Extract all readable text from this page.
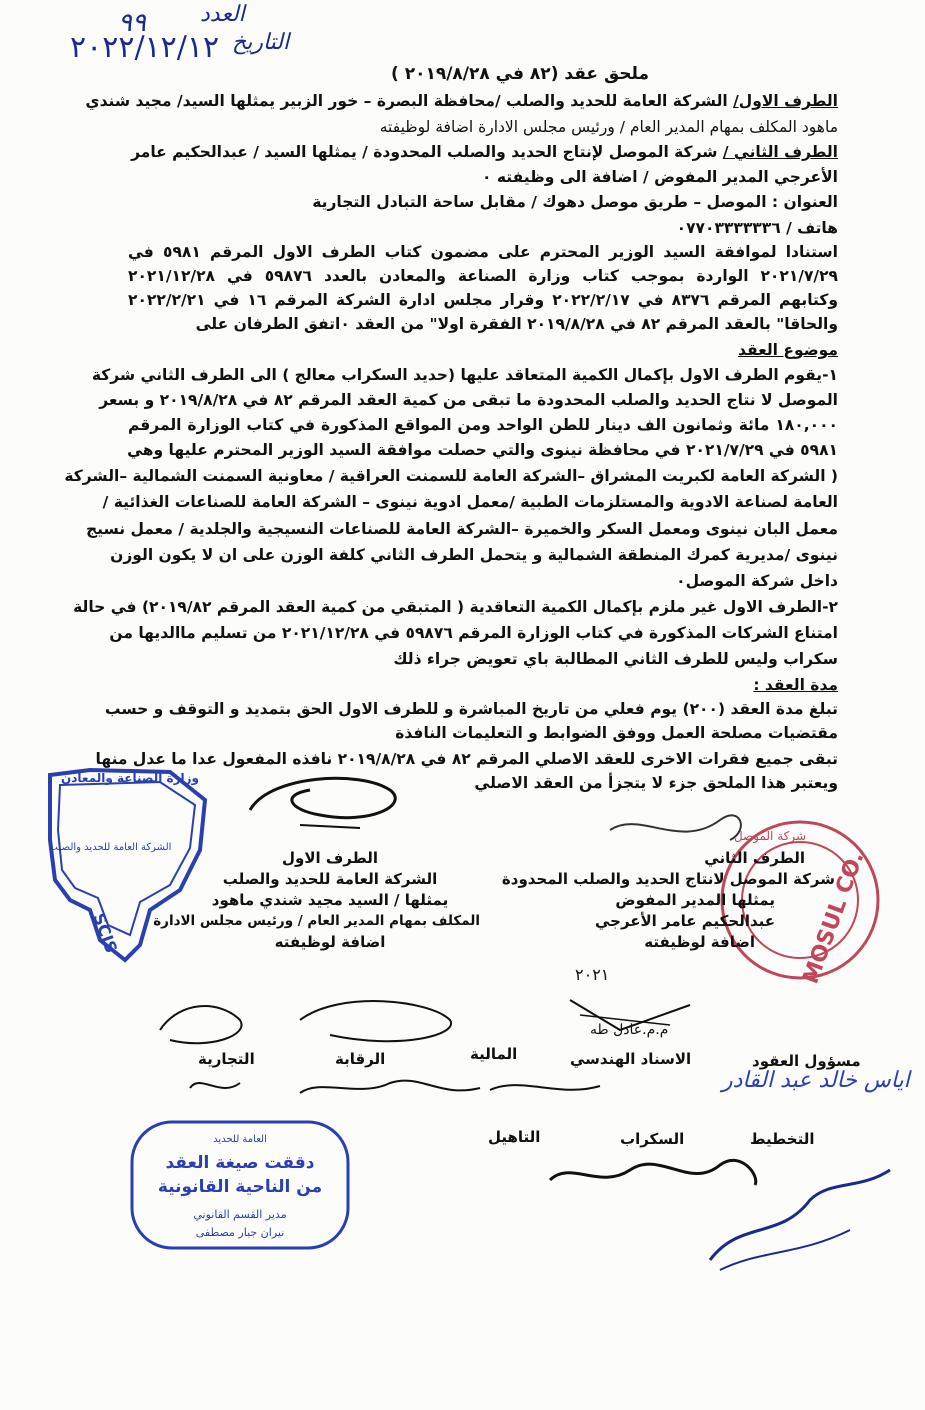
العدد
٩٩
التاريخ
٢٠٢٢/١٢/١٢
ملحق عقد (٨٢ في ٢٠١٩/٨/٢٨ )
الطرف الاول/ الشركة العامة للحديد والصلب /محافظة البصرة – خور الزبير يمثلها السيد/ مجيد شندي
ماهود المكلف بمهام المدير العام / ورئيس مجلس الادارة اضافة لوظيفته
الطرف الثاني / شركة الموصل لإنتاج الحديد والصلب المحدودة / يمثلها السيد / عبدالحكيم عامر
الأعرجي المدير المفوض / اضافة الى وظيفته ٠
العنوان : الموصل – طريق موصل دهوك / مقابل ساحة التبادل التجارية
هاتف / ٠٧٧٠٣٣٣٣٣٣٦
استنادا لموافقة السيد الوزير المحترم على مضمون كتاب الطرف الاول المرقم ٥٩٨١ في
٢٠٢١/٧/٢٩ الواردة بموجب كتاب وزارة الصناعة والمعادن بالعدد ٥٩٨٧٦ في ٢٠٢١/١٢/٢٨
وكتابهم المرقم ٨٣٧٦ في ٢٠٢٢/٢/١٧ وقرار مجلس ادارة الشركة المرقم ١٦ في ٢٠٢٢/٢/٢١
والحاقا" بالعقد المرقم ٨٢ في ٢٠١٩/٨/٢٨ الفقرة اولا" من العقد ٠اتفق الطرفان على
موضوع العقد
١-يقوم الطرف الاول بإكمال الكمية المتعاقد عليها (حديد السكراب معالج ) الى الطرف الثاني شركة
الموصل لا نتاج الحديد والصلب المحدودة ما تبقى من كمية العقد المرقم ٨٢ في ٢٠١٩/٨/٢٨ و بسعر
١٨٠,٠٠٠ مائة وثمانون الف دينار للطن الواحد ومن المواقع المذكورة في كتاب الوزارة المرقم
٥٩٨١ في ٢٠٢١/٧/٢٩ في محافظة نينوى والتي حصلت موافقة السيد الوزير المحترم عليها وهي
( الشركة العامة لكبريت المشراق –الشركة العامة للسمنت العراقية / معاونية السمنت الشمالية –الشركة
العامة لصناعة الادوية والمستلزمات الطبية /معمل ادوية نينوى – الشركة العامة للصناعات الغذائية /
معمل البان نينوى ومعمل السكر والخميرة –الشركة العامة للصناعات النسيجية والجلدية / معمل نسيج
نينوى /مديرية كمرك المنطقة الشمالية و يتحمل الطرف الثاني كلفة الوزن على ان لا يكون الوزن
داخل شركة الموصل٠
٢-الطرف الاول غير ملزم بإكمال الكمية التعاقدية ( المتبقي من كمية العقد المرقم ٢٠١٩/٨٢) في حالة
امتناع الشركات المذكورة في كتاب الوزارة المرقم ٥٩٨٧٦ في ٢٠٢١/١٢/٢٨ من تسليم ماالديها من
سكراب وليس للطرف الثاني المطالبة باي تعويض جراء ذلك
مدة العقد :
تبلغ مدة العقد (٢٠٠) يوم فعلي من تاريخ المباشرة و للطرف الاول الحق بتمديد و التوقف و حسب
مقتضيات مصلحة العمل ووفق الضوابط و التعليمات النافذة
تبقى جميع فقرات الاخرى للعقد الاصلي المرقم ٨٢ في ٢٠١٩/٨/٢٨ نافذه المفعول عدا ما عدل منها
ويعتبر هذا الملحق جزء لا يتجزأ من العقد الاصلي
وزارة الصناعة والمعادن
الشركة العامة للحديد والصلب
SCIS	MOSUL CO.
شركة الموصل
الطرف الاول
الشركة العامة للحديد والصلب
يمثلها / السيد مجيد شندي ماهود
المكلف بمهام المدير العام / ورئيس مجلس الادارة
اضافة لوظيفته
الطرف الثاني
شركة الموصل لانتاج الحديد والصلب المحدودة
يمثلها المدير المفوض
عبدالحكيم عامر الأعرجي
اضافة لوظيفته
٢٠٢١
م.م.عادل طه
مسؤول العقود
الاسناد الهندسي
المالية
الرقابة
التجارية
اياس خالد عبد القادر
التخطيط
السكراب
التاهيل
العامة للحديد
دققت صيغة العقد
من الناحية القانونية
مدير القسم القانوني
نيران جبار مصطفى
